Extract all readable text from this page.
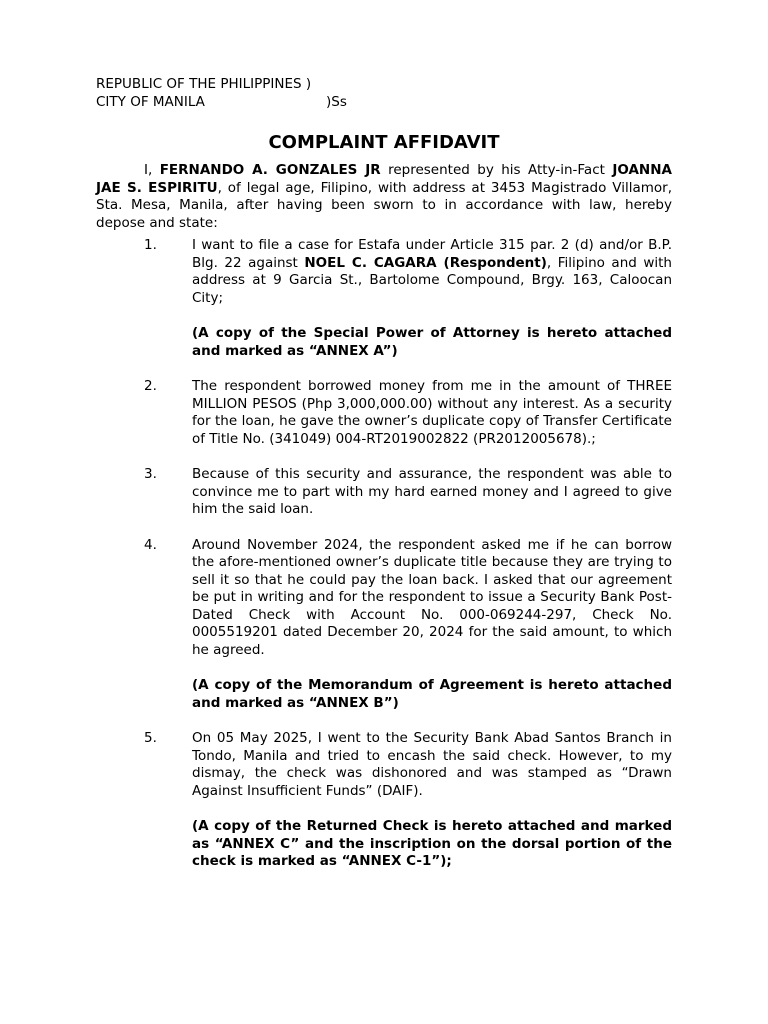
REPUBLIC OF THE PHILIPPINES )
CITY OF MANILA	)Ss
COMPLAINT AFFIDAVIT
I, FERNANDO A. GONZALES JR represented by his Atty-in-Fact JOANNA JAE S. ESPIRITU, of legal age, Filipino, with address at 3453 Magistrado Villamor, Sta. Mesa, Manila, after having been sworn to in accordance with law, hereby depose and state:
1.	I want to file a case for Estafa under Article 315 par. 2 (d) and/or B.P. Blg. 22 against NOEL C. CAGARA (Respondent), Filipino and with address at 9 Garcia St., Bartolome Compound, Brgy. 163, Caloocan City;
(A copy of the Special Power of Attorney is hereto attached and marked as “ANNEX A”)
2.	The respondent borrowed money from me in the amount of THREE MILLION PESOS (Php 3,000,000.00) without any interest. As a security for the loan, he gave the owner’s duplicate copy of Transfer Certificate of Title No. (341049) 004-RT2019002822 (PR2012005678).;
3.	Because of this security and assurance, the respondent was able to convince me to part with my hard earned money and I agreed to give him the said loan.
4.	Around November 2024, the respondent asked me if he can borrow the afore-mentioned owner’s duplicate title because they are trying to sell it so that he could pay the loan back. I asked that our agreement be put in writing and for the respondent to issue a Security Bank Post-Dated Check with Account No. 000-069244-297, Check No. 0005519201 dated December 20, 2024 for the said amount, to which he agreed.
(A copy of the Memorandum of Agreement is hereto attached and marked as “ANNEX B”)
5.	On 05 May 2025, I went to the Security Bank Abad Santos Branch in Tondo, Manila and tried to encash the said check. However, to my dismay, the check was dishonored and was stamped as “Drawn Against Insufficient Funds” (DAIF).
(A copy of the Returned Check is hereto attached and marked as “ANNEX C” and the inscription on the dorsal portion of the check is marked as “ANNEX C-1”);
